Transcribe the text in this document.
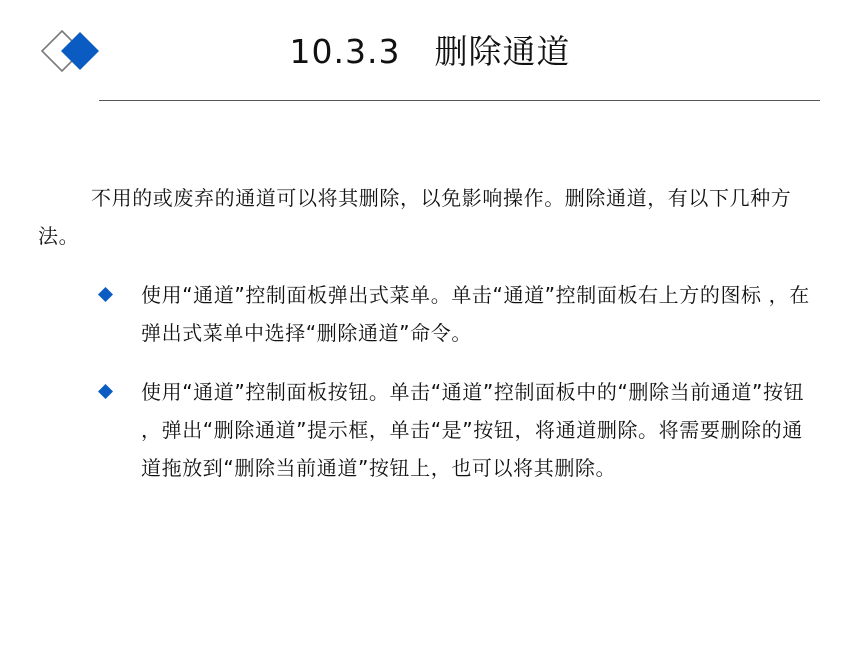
10.3.3 删除通道
不用的或废弃的通道可以将其删除，以免影响操作。删除通道，有以下几种方法。
使用“通道”控制面板弹出式菜单。单击“通道”控制面板右上方的图标 ，在弹出式菜单中选择“删除通道”命令。
使用“通道”控制面板按钮。单击“通道”控制面板中的“删除当前通道”按钮 ，弹出“删除通道”提示框，单击“是”按钮，将通道删除。将需要删除的通道拖放到“删除当前通道”按钮上，也可以将其删除。
